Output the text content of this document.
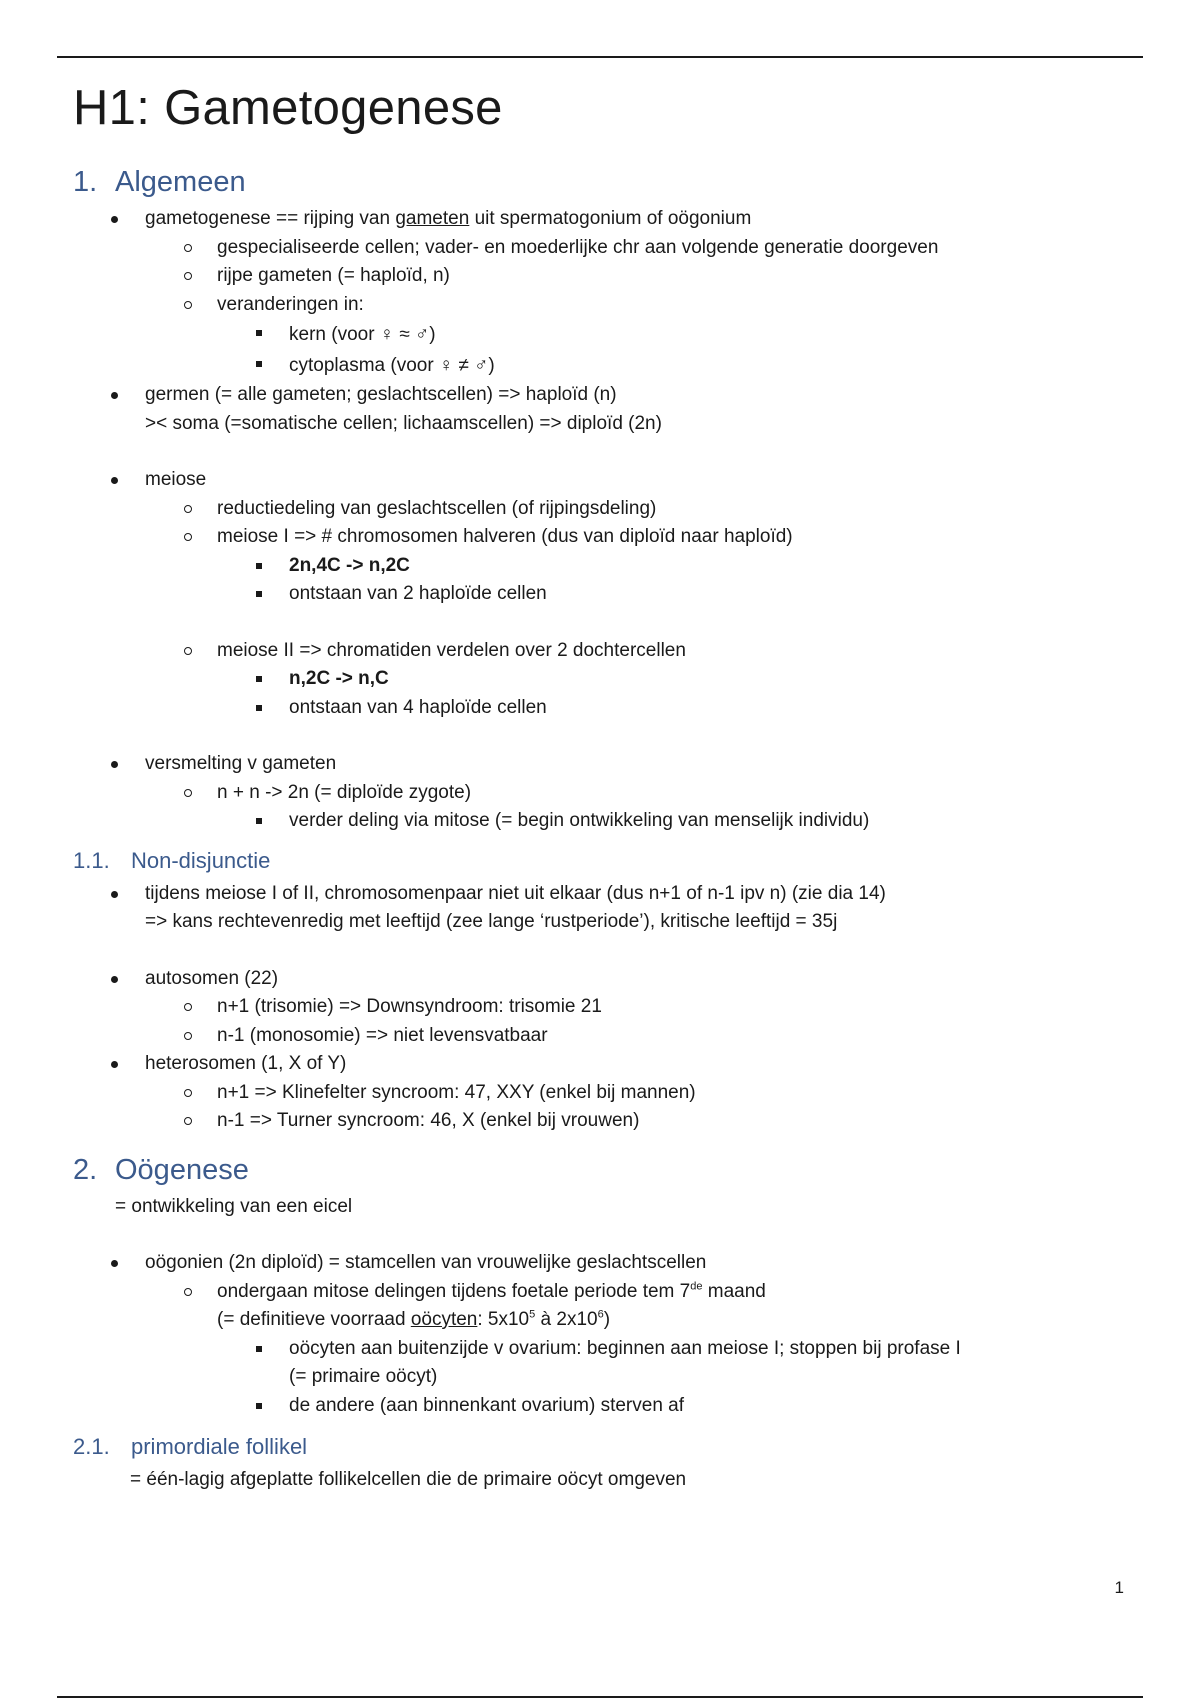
H1: Gametogenese
1. Algemeen
gametogenese == rijping van gameten uit spermatogonium of oögonium
gespecialiseerde cellen; vader- en moederlijke chr aan volgende generatie doorgeven
rijpe gameten (= haploïd, n)
veranderingen in:
kern (voor ♀ ≈ ♂)
cytoplasma (voor ♀ ≠ ♂)
germen (= alle gameten; geslachtscellen) => haploïd (n)
>< soma (=somatische cellen; lichaamscellen) => diploïd (2n)
meiose
reductiedeling van geslachtscellen (of rijpingsdeling)
meiose I => # chromosomen halveren (dus van diploïd naar haploïd)
2n,4C -> n,2C
ontstaan van 2 haploïde cellen
meiose II => chromatiden verdelen over 2 dochtercellen
n,2C -> n,C
ontstaan van 4 haploïde cellen
versmelting v gameten
n + n -> 2n (= diploïde zygote)
verder deling via mitose (= begin ontwikkeling van menselijk individu)
1.1. Non-disjunctie
tijdens meiose I of II, chromosomenpaar niet uit elkaar (dus n+1 of n-1 ipv n) (zie dia 14)
=> kans rechtevenredig met leeftijd (zee lange ‘rustperiode’), kritische leeftijd = 35j
autosomen (22)
n+1 (trisomie) => Downsyndroom: trisomie 21
n-1 (monosomie) => niet levensvatbaar
heterosomen (1, X of Y)
n+1 => Klinefelter syncroom: 47, XXY (enkel bij mannen)
n-1 => Turner syncroom: 46, X (enkel bij vrouwen)
2. Oögenese
= ontwikkeling van een eicel
oögonien (2n diploïd) = stamcellen van vrouwelijke geslachtscellen
ondergaan mitose delingen tijdens foetale periode tem 7de maand
(= definitieve voorraad oöcyten: $5x10^5$ à $2x10^6$)
oöcyten aan buitenzijde v ovarium: beginnen aan meiose I; stoppen bij profase I
(= primaire oöcyt)
de andere (aan binnenkant ovarium) sterven af
2.1. primordiale follikel
= één-lagig afgeplatte follikelcellen die de primaire oöcyt omgeven
1
